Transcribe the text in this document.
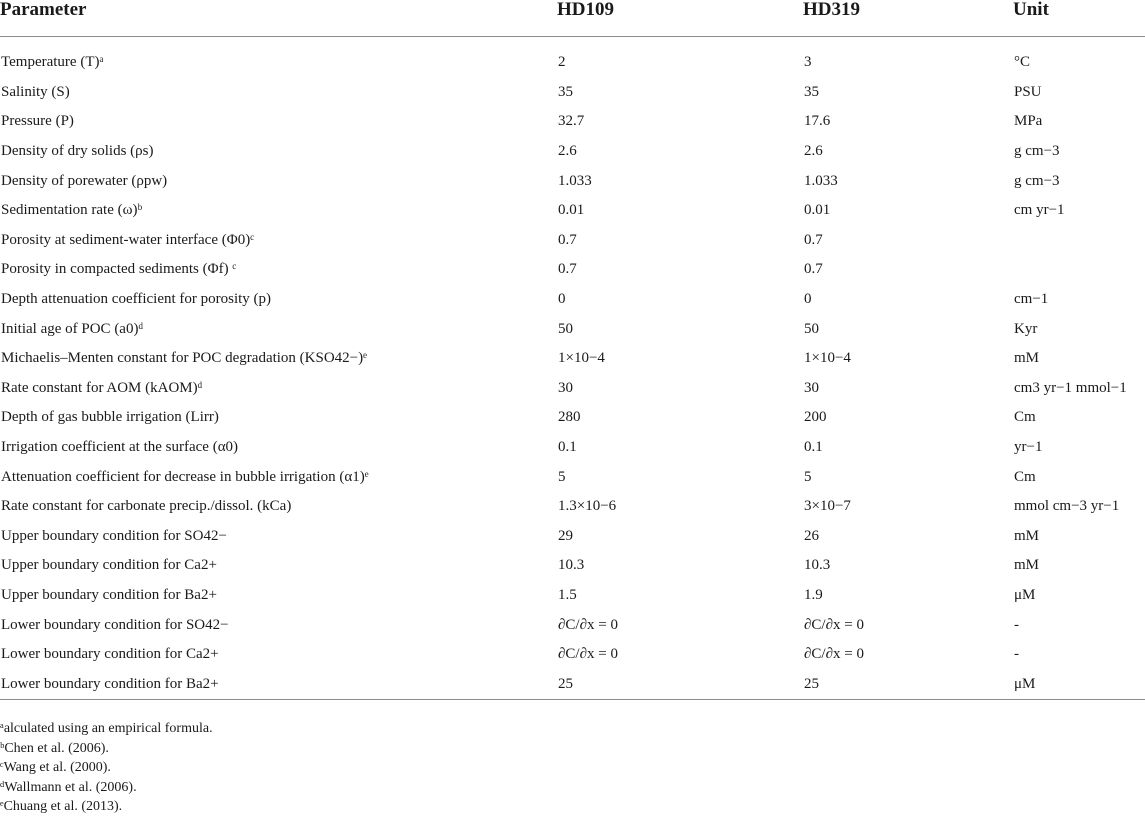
Parameter	HD109	HD319	Unit

Temperature (T)ᵃ	2	3	°C
Salinity (S)	35	35	PSU
Pressure (P)	32.7	17.6	MPa
Density of dry solids (ρs)	2.6	2.6	g cm−3
Density of porewater (ρpw)	1.033	1.033	g cm−3
Sedimentation rate (ω)ᵇ	0.01	0.01	cm yr−1
Porosity at sediment-water interface (Φ0)ᶜ	0.7	0.7	
Porosity in compacted sediments (Φf) ᶜ	0.7	0.7	
Depth attenuation coefficient for porosity (p)	0	0	cm−1
Initial age of POC (a0)ᵈ	50	50	Kyr
Michaelis–Menten constant for POC degradation (KSO42−)ᵉ	1×10−4	1×10−4	mM
Rate constant for AOM (kAOM)ᵈ	30	30	cm3 yr−1 mmol−1
Depth of gas bubble irrigation (Lirr)	280	200	Cm
Irrigation coefficient at the surface (α0)	0.1	0.1	yr−1
Attenuation coefficient for decrease in bubble irrigation (α1)ᵉ	5	5	Cm
Rate constant for carbonate precip./dissol. (kCa)	1.3×10−6	3×10−7	mmol cm−3 yr−1
Upper boundary condition for SO42−	29	26	mM
Upper boundary condition for Ca2+	10.3	10.3	mM
Upper boundary condition for Ba2+	1.5	1.9	μM
Lower boundary condition for SO42−	∂C/∂x = 0	∂C/∂x = 0	-
Lower boundary condition for Ca2+	∂C/∂x = 0	∂C/∂x = 0	-
Lower boundary condition for Ba2+	25	25	μM
ᵃalculated using an empirical formula.
ᵇChen et al. (2006).
ᶜWang et al. (2000).
ᵈWallmann et al. (2006).
ᵉChuang et al. (2013).
